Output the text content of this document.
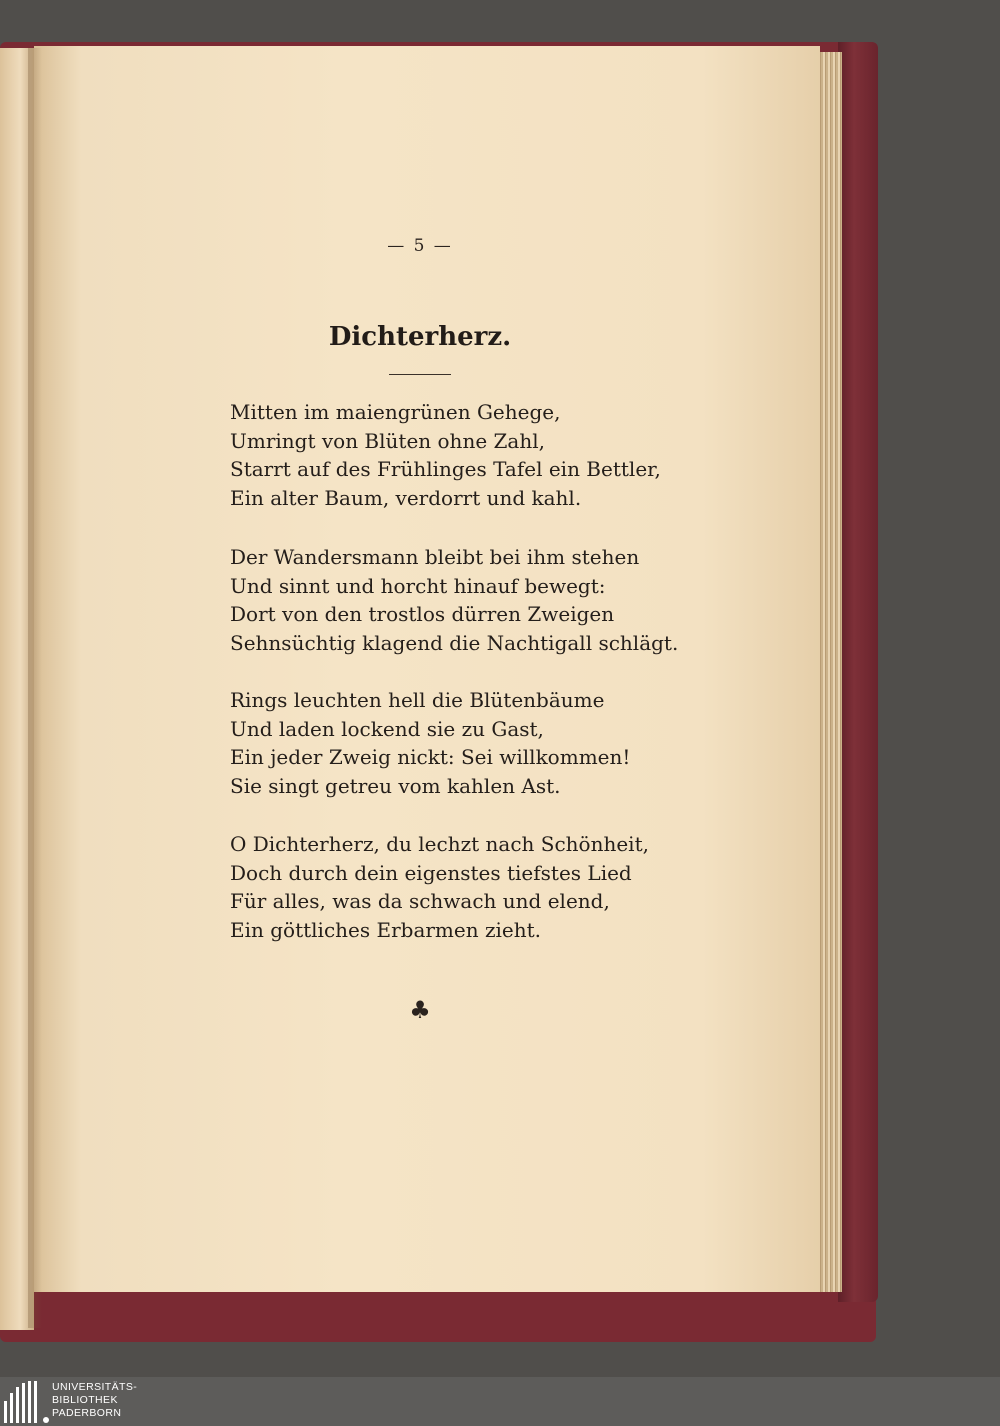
— 5 —
Dichterherz.
Mitten im maiengrünen Gehege,
Umringt von Blüten ohne Zahl,
Starrt auf des Frühlinges Tafel ein Bettler,
Ein alter Baum, verdorrt und kahl.
Der Wandersmann bleibt bei ihm stehen
Und sinnt und horcht hinauf bewegt:
Dort von den trostlos dürren Zweigen
Sehnsüchtig klagend die Nachtigall schlägt.
Rings leuchten hell die Blütenbäume
Und laden lockend sie zu Gast,
Ein jeder Zweig nickt: Sei willkommen!
Sie singt getreu vom kahlen Ast.
O Dichterherz, du lechzt nach Schönheit,
Doch durch dein eigenstes tiefstes Lied
Für alles, was da schwach und elend,
Ein göttliches Erbarmen zieht.
♣
UNIVERSITÄTS-
BIBLIOTHEK
PADERBORN
